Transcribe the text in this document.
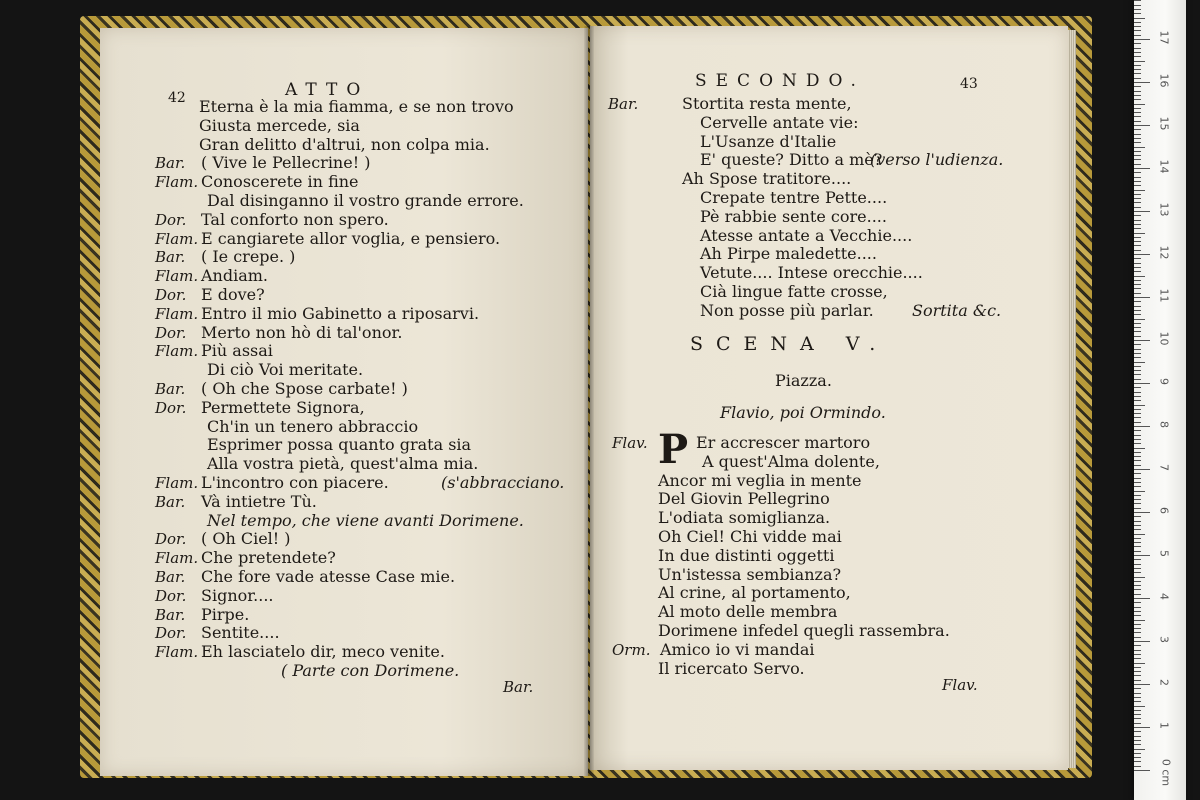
42	ATTO
Eterna è la mia fiamma, e se non trovo
Giusta mercede, sia
Gran delitto d'altrui, non colpa mia.
Bar. ( Vive le Pellecrine! )
Flam. Conoscerete in fine
Dal disinganno il vostro grande errore.
Dor. Tal conforto non spero.
Flam. E cangiarete allor voglia, e pensiero.
Bar. ( Ie crepe. )
Flam. Andiam.
Dor. E dove?
Flam. Entro il mio Gabinetto a riposarvi.
Dor. Merto non hò di tal'onor.
Flam. Più assai
Di ciò Voi meritate.
Bar. ( Oh che Spose carbate! )
Dor. Permettete Signora,
Ch'in un tenero abbraccio
Esprimer possa quanto grata sia
Alla vostra pietà, quest'alma mia.
Flam. L'incontro con piacere.	(s'abbracciano.
Bar. Và intietre Tù.
Nel tempo, che viene avanti Dorimene.
Dor. ( Oh Ciel! )
Flam. Che pretendete?
Bar. Che fore vade atesse Case mie.
Dor. Signor....
Bar. Pirpe.
Dor. Sentite....
Flam. Eh lasciatelo dir, meco venite.
( Parte con Dorimene.
Bar.
SECONDO.	43
Bar.	Stortita resta mente,
Cervelle antate vie:
L'Usanze d'Italie
E' queste? Ditto a mè?
(verso l'udienza.
Ah Spose tratitore....
Crepate tentre Pette....
Pè rabbie sente core....
Atesse antate a Vecchie....
Ah Pirpe maledette....
Vetute.... Intese orecchie....
Cià lingue fatte crosse,
Non posse più parlar. Sortita &c.
SCENA V.
Piazza.
Flavio, poi Ormindo.
Flav. P Er accrescer martoro
A quest'Alma dolente,
Ancor mi veglia in mente
Del Giovin Pellegrino
L'odiata somiglianza.
Oh Ciel! Chi vidde mai
In due distinti oggetti
Un'istessa sembianza?
Al crine, al portamento,
Al moto delle membra
Dorimene infedel quegli rassembra.
Orm. Amico io vi mandai
Il ricercato Servo.
Flav.
0 cm
1
2
3
4
5
6
7
8
9
10
11
12
13
14
15
16
17
